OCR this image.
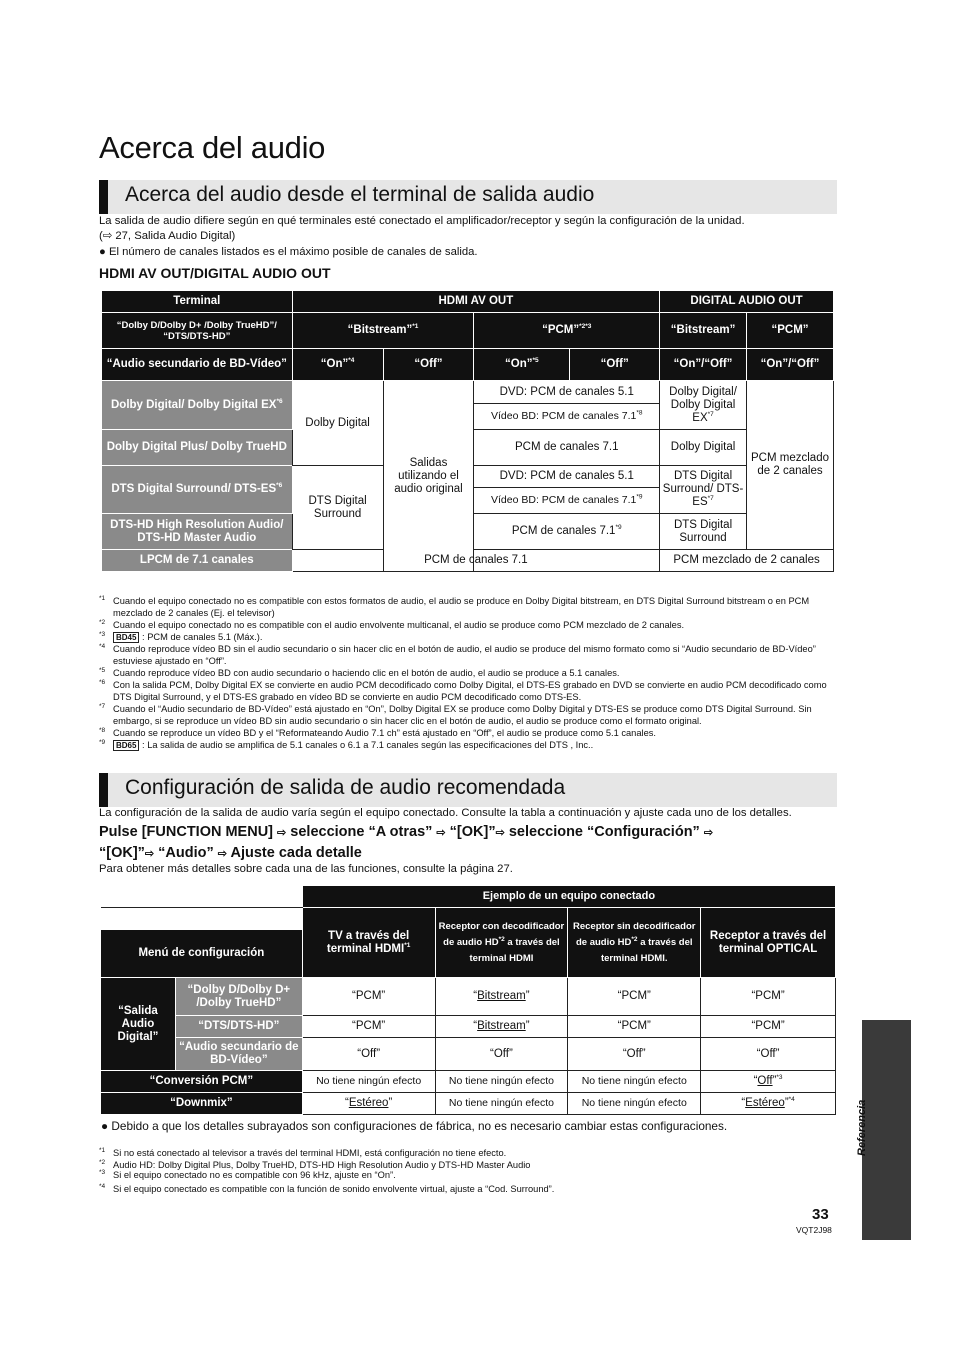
Acerca del audio
Acerca del audio desde el terminal de salida audio
La salida de audio difiere según en qué terminales esté conectado el amplificador/receptor y según la configuración de la unidad.
(⇨ 27, Salida Audio Digital)
● El número de canales listados es el máximo posible de canales de salida.
HDMI AV OUT/DIGITAL AUDIO OUT
Terminal	HDMI AV OUT				DIGITAL AUDIO OUT	
“Dolby D/Dolby D+ /Dolby TrueHD”/ “DTS/DTS-HD”	“Bitstream”$^{*1}$		“PCM”$^{*2*3}$		“Bitstream”	“PCM”
“Audio secundario de BD-Vídeo”	“On”$^{*4}$	“Off”	“On”$^{*5}$	“Off”	“On”/“Off”	“On”/“Off”
Dolby Digital/ Dolby Digital EX$^{*6}$	Dolby Digital	Salidas utilizando el audio original	DVD: PCM de canales 5.1		Dolby Digital/ Dolby Digital EX$^{*7}$	PCM mezclado de 2 canales
			Vídeo BD: PCM de canales 7.1$^{*8}$
Dolby Digital Plus/ Dolby TrueHD			PCM de canales 7.1		Dolby Digital	
DTS Digital Surround/ DTS-ES$^{*6}$	DTS Digital Surround		DVD: PCM de canales 5.1		DTS Digital Surround/ DTS-ES$^{*7}$
			Vídeo BD: PCM de canales 7.1$^{*9}$
DTS-HD High Resolution Audio/ DTS-HD Master Audio			PCM de canales 7.1$^{*9}$		DTS Digital Surround	
LPCM de 7.1 canales	PCM de canales 7.1				PCM mezclado de 2 canales	
*1 Cuando el equipo conectado no es compatible con estos formatos de audio, el audio se produce en Dolby Digital bitstream, en DTS Digital Surround bitstream o en PCM mezclado de 2 canales (Ej. el televisor)
*2 Cuando el equipo conectado no es compatible con el audio envolvente multicanal, el audio se produce como PCM mezclado de 2 canales.
*3 BD45 : PCM de canales 5.1 (Máx.).
*4 Cuando reproduce vídeo BD sin el audio secundario o sin hacer clic en el botón de audio, el audio se produce del mismo formato como si “Audio secundario de BD-Vídeo” estuviese ajustado en “Off”.
*5 Cuando reproduce vídeo BD con audio secundario o haciendo clic en el botón de audio, el audio se produce a 5.1 canales.
*6 Con la salida PCM, Dolby Digital EX se convierte en audio PCM decodificado como Dolby Digital, el DTS-ES grabado en DVD se convierte en audio PCM decodificado como DTS Digital Surround, y el DTS-ES grabado en vídeo BD se convierte en audio PCM decodificado como DTS-ES.
*7 Cuando el “Audio secundario de BD-Vídeo” está ajustado en “On”, Dolby Digital EX se produce como Dolby Digital y DTS-ES se produce como DTS Digital Surround. Sin embargo, si se reproduce un vídeo BD sin audio secundario o sin hacer clic en el botón de audio, el audio se produce como el formato original.
*8 Cuando se reproduce un vídeo BD y el “Reformateando Audio 7.1 ch” está ajustado en “Off”, el audio se produce como 5.1 canales.
*9 BD65 : La salida de audio se amplifica de 5.1 canales o 6.1 a 7.1 canales según las especificaciones del DTS , Inc..
Configuración de salida de audio recomendada
La configuración de la salida de audio varía según el equipo conectado. Consulte la tabla a continuación y ajuste cada uno de los detalles.
Pulse [FUNCTION MENU] ⇨ seleccione “A otras” ⇨ “[OK]”⇨ seleccione “Configuración” ⇨
“[OK]”⇨ “Audio” ⇨ Ajuste cada detalle
Para obtener más detalles sobre cada una de las funciones, consulte la página 27.
		Ejemplo de un equipo conectado			
		TV a través del terminal HDMI$^{*1}$	Receptor con decodificador de audio HD$^{*2}$ a través del terminal HDMI	Receptor sin decodificador de audio HD$^{*2}$ a través del terminal HDMI.	Receptor a través del terminal OPTICAL
Menú de configuración					
“Salida Audio Digital”	“Dolby D/Dolby D+ /Dolby TrueHD”	“PCM”	“Bitstream”	“PCM”	“PCM”
	“DTS/DTS-HD”	“PCM”	“Bitstream”	“PCM”	“PCM”
	“Audio secundario de BD-Vídeo”	“Off”	“Off”	“Off”	“Off”
“Conversión PCM”		No tiene ningún efecto	No tiene ningún efecto	No tiene ningún efecto	“Off”$^{*3}$
“Downmix”		“Estéreo”	No tiene ningún efecto	No tiene ningún efecto	“Estéreo”$^{*4}$
● Debido a que los detalles subrayados son configuraciones de fábrica, no es necesario cambiar estas configuraciones.
*1 Si no está conectado al televisor a través del terminal HDMI, está configuración no tiene efecto.
*2 Audio HD: Dolby Digital Plus, Dolby TrueHD, DTS-HD High Resolution Audio y DTS-HD Master Audio
*3 Si el equipo conectado no es compatible con 96 kHz, ajuste en “On”.
*4 Si el equipo conectado es compatible con la función de sonido envolvente virtual, ajuste a “Cod. Surround”.
Referencia
33
VQT2J98
